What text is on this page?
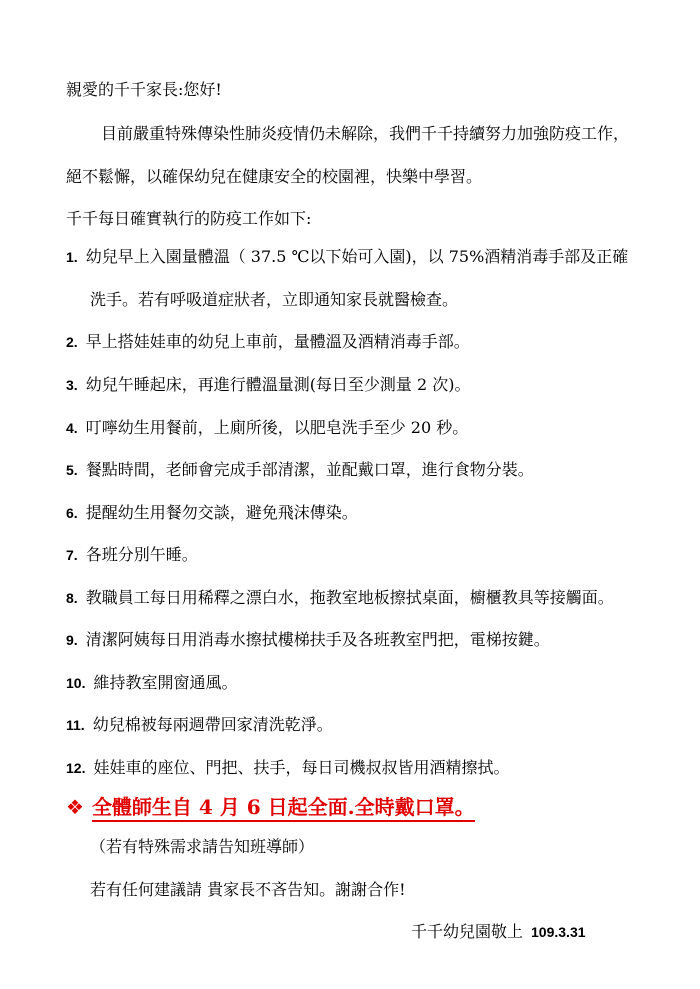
親愛的千千家長:您好!
目前嚴重特殊傳染性肺炎疫情仍未解除，我們千千持續努力加強防疫工作，
絕不鬆懈，以確保幼兒在健康安全的校園裡，快樂中學習。
千千每日確實執行的防疫工作如下:
1. 幼兒早上入園量體溫（ 37.5 ℃以下始可入園)，以 75%酒精消毒手部及正確
洗手。若有呼吸道症狀者，立即通知家長就醫檢查。
2. 早上搭娃娃車的幼兒上車前，量體溫及酒精消毒手部。
3. 幼兒午睡起床，再進行體溫量測(每日至少測量 2 次)。
4. 叮嚀幼生用餐前，上廁所後，以肥皂洗手至少 20 秒。
5. 餐點時間，老師會完成手部清潔，並配戴口罩，進行食物分裝。
6. 提醒幼生用餐勿交談，避免飛沫傳染。
7. 各班分別午睡。
8. 教職員工每日用稀釋之漂白水，拖教室地板擦拭桌面，櫥櫃教具等接觸面。
9. 清潔阿姨每日用消毒水擦拭樓梯扶手及各班教室門把，電梯按鍵。
10. 維持教室開窗通風。
11. 幼兒棉被每兩週帶回家清洗乾淨。
12. 娃娃車的座位、門把、扶手，每日司機叔叔皆用酒精擦拭。
❖ 全體師生自 4 月 6 日起全面.全時戴口罩。
（若有特殊需求請告知班導師）
若有任何建議請 貴家長不吝告知。謝謝合作!
千千幼兒園敬上 109.3.31
